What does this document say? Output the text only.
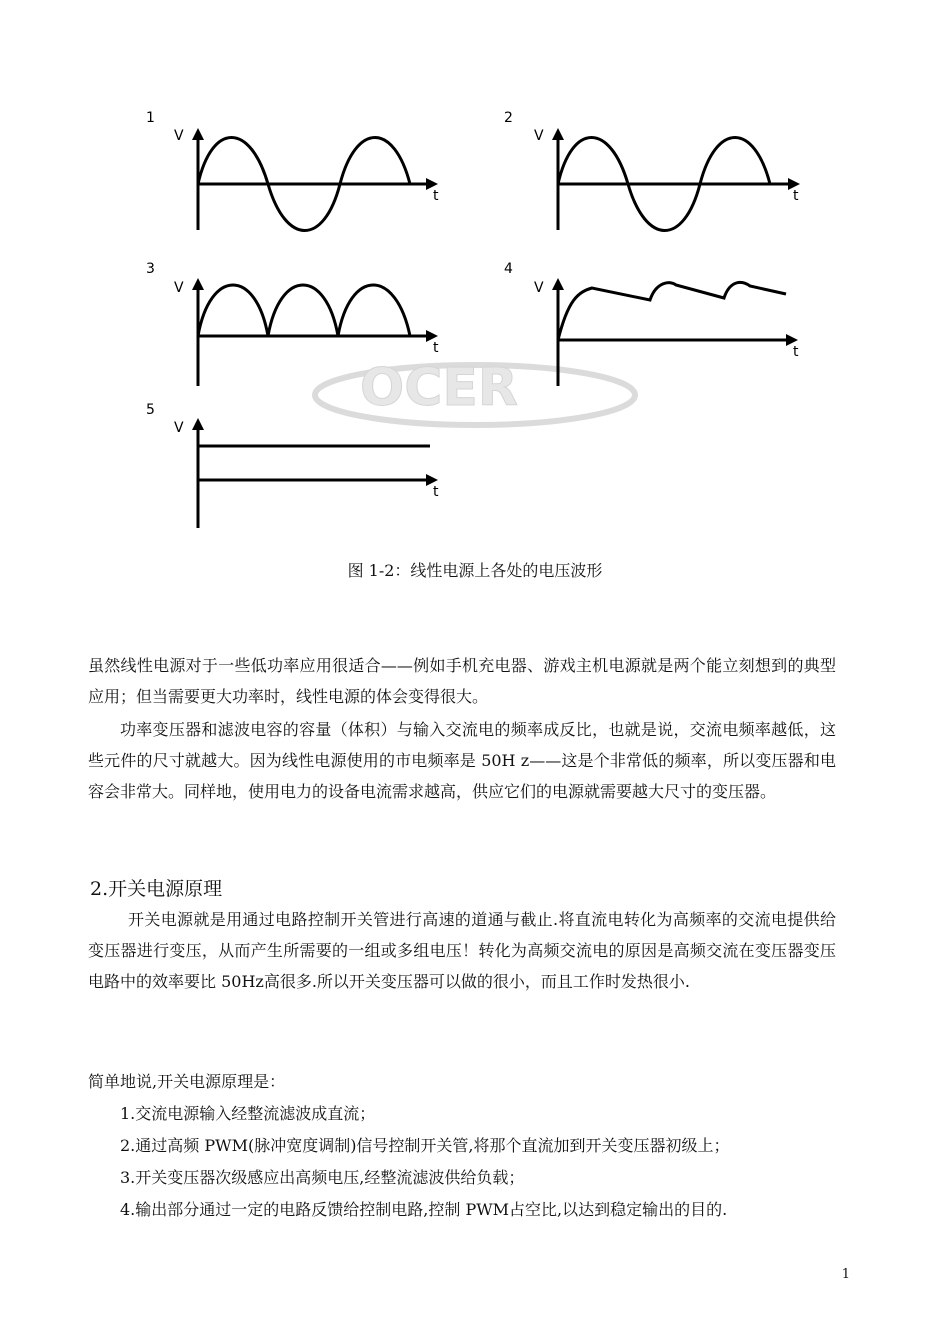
OCER
1
V
t
2
V
t
3
V
t
4
V
t
5
V
t
图 1-2：线性电源上各处的电压波形

虽然线性电源对于一些低功率应用很适合——例如手机充电器、游戏主机电源就是两个能立刻想到的典型应用；但当需要更大功率时，线性电源的体会变得很大。

功率变压器和滤波电容的容量（体积）与输入交流电的频率成反比，也就是说，交流电频率越低，这些元件的尺寸就越大。因为线性电源使用的市电频率是 50H z——这是个非常低的频率，所以变压器和电容会非常大。同样地，使用电力的设备电流需求越高，供应它们的电源就需要越大尺寸的变压器。

2.开关电源原理

开关电源就是用通过电路控制开关管进行高速的道通与截止.将直流电转化为高频率的交流电提供给变压器进行变压，从而产生所需要的一组或多组电压！转化为高频交流电的原因是高频交流在变压器变压电路中的效率要比 50Hz高很多.所以开关变压器可以做的很小，而且工作时发热很小.

简单地说,开关电源原理是：

1.交流电源输入经整流滤波成直流；

2.通过高频 PWM(脉冲宽度调制)信号控制开关管,将那个直流加到开关变压器初级上；

3.开关变压器次级感应出高频电压,经整流滤波供给负载；

4.输出部分通过一定的电路反馈给控制电路,控制 PWM占空比,以达到稳定输出的目的.

1
